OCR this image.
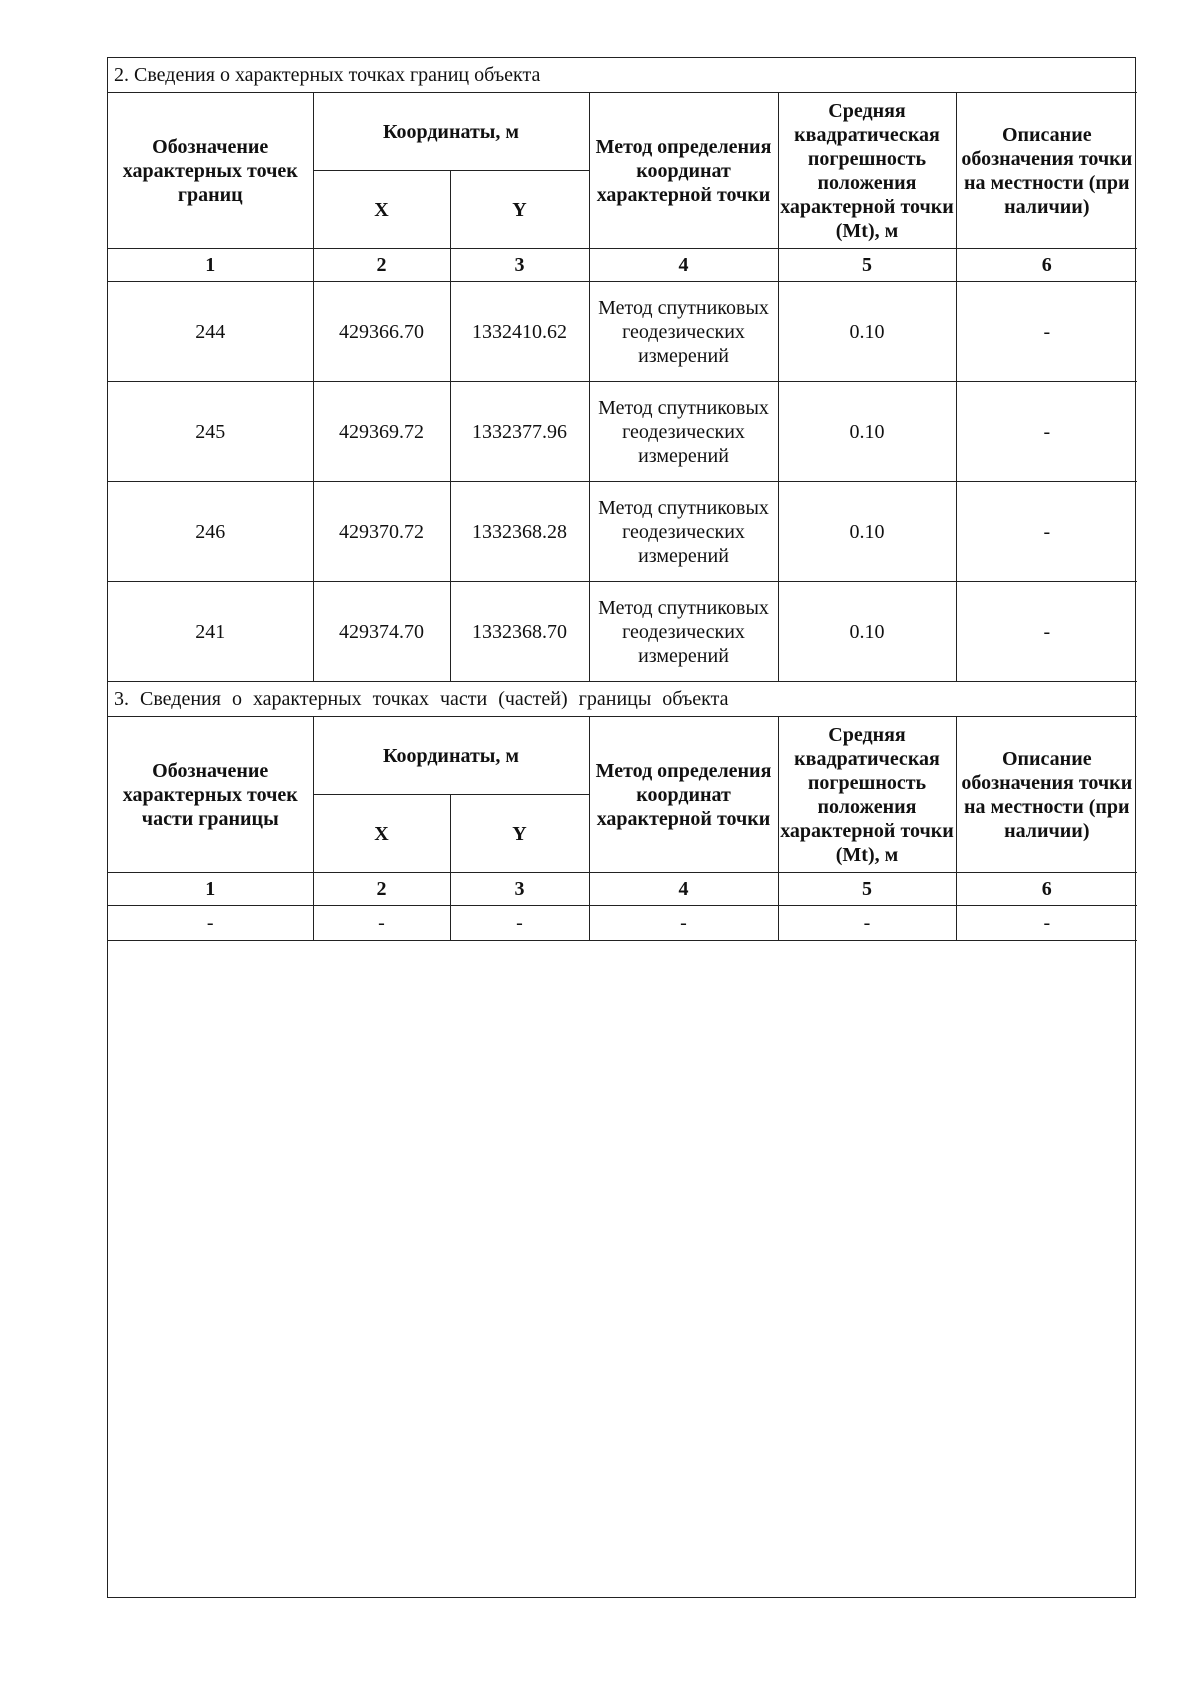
2. Сведения о характерных точках границ объекта					
Обозначение характерных точек границ	Координаты, м		Метод определения координат характерной точки	Средняя квадратическая погрешность положения характерной точки (Mt), м	Описание обозначения точки на местности (при наличии)
	X	Y			
1	2	3	4	5	6
244	429366.70	1332410.62	Метод спутниковых геодезических измерений	0.10	-
245	429369.72	1332377.96	Метод спутниковых геодезических измерений	0.10	-
246	429370.72	1332368.28	Метод спутниковых геодезических измерений	0.10	-
241	429374.70	1332368.70	Метод спутниковых геодезических измерений	0.10	-
3. Сведения о характерных точках части (частей) границы объекта					
Обозначение характерных точек части границы	Координаты, м		Метод определения координат характерной точки	Средняя квадратическая погрешность положения характерной точки (Mt), м	Описание обозначения точки на местности (при наличии)
	X	Y			
1	2	3	4	5	6
-	-	-	-	-	-
